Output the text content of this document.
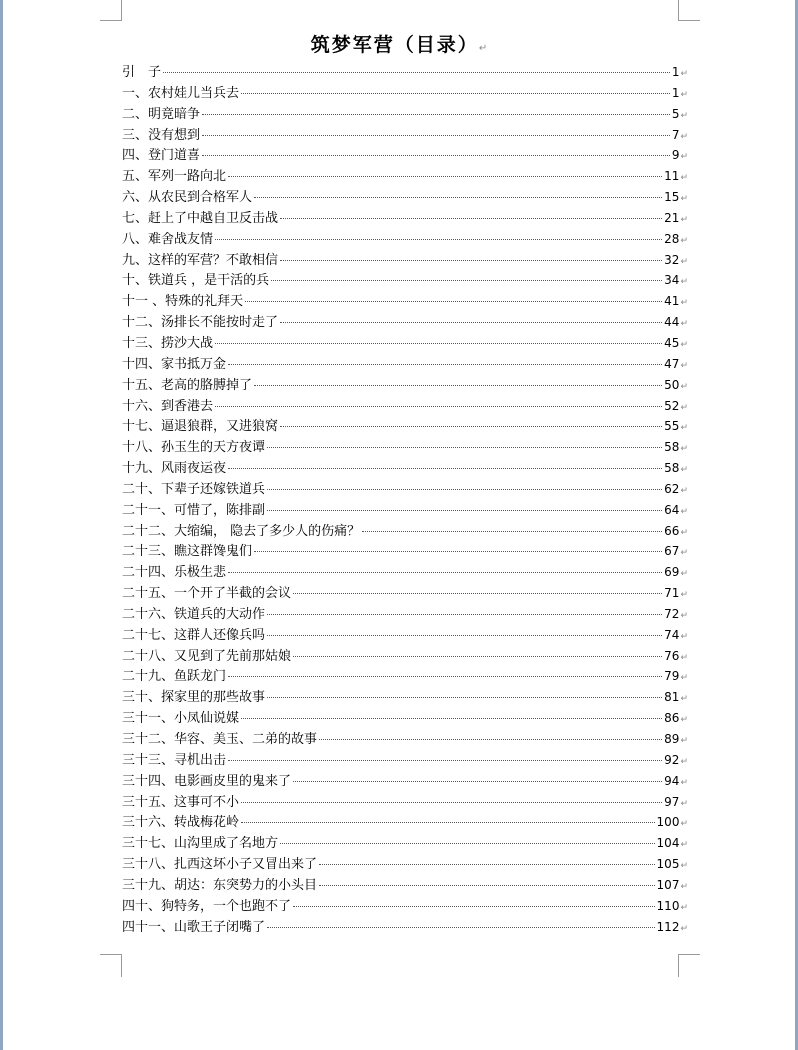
筑梦军营（目录）↵
引　子	1 ↵
一、农村娃儿当兵去	1 ↵
二、明竟暗争	5 ↵
三、没有想到	7 ↵
四、登门道喜	9 ↵
五、军列一路向北	11 ↵
六、从农民到合格军人	15 ↵
七、赶上了中越自卫反击战	21 ↵
八、难舍战友情	28 ↵
九、这样的军营？不敢相信	32 ↵
十、铁道兵 ，是干活的兵	34 ↵
十一 、特殊的礼拜天	41 ↵
十二、汤排长不能按时走了	44 ↵
十三、捞沙大战	45 ↵
十四、家书抵万金	47 ↵
十五、老高的胳膊掉了	50 ↵
十六、到香港去	52 ↵
十七、逼退狼群，又进狼窝	55 ↵
十八、孙玉生的天方夜谭	58 ↵
十九、风雨夜运夜	58 ↵
二十、下辈子还嫁铁道兵	62 ↵
二十一、可惜了，陈排副	64 ↵
二十二、大缩编， 隐去了多少人的伤痛？	66 ↵
二十三、瞧这群馋鬼们	67 ↵
二十四、乐极生悲	69 ↵
二十五、一个开了半截的会议	71 ↵
二十六、铁道兵的大动作	72 ↵
二十七、这群人还像兵吗	74 ↵
二十八、又见到了先前那姑娘	76 ↵
二十九、鱼跃龙门	79 ↵
三十、探家里的那些故事	81 ↵
三十一、小凤仙说媒	86 ↵
三十二、华容、美玉、二弟的故事	89 ↵
三十三、寻机出击	92 ↵
三十四、电影画皮里的鬼来了	94 ↵
三十五、这事可不小	97 ↵
三十六、转战梅花岭	100 ↵
三十七、山沟里成了名地方	104 ↵
三十八、扎西这坏小子又冒出来了	105 ↵
三十九、胡达：东突势力的小头目	107 ↵
四十、狗特务，一个也跑不了	110 ↵
四十一、山歌王子闭嘴了	112 ↵
